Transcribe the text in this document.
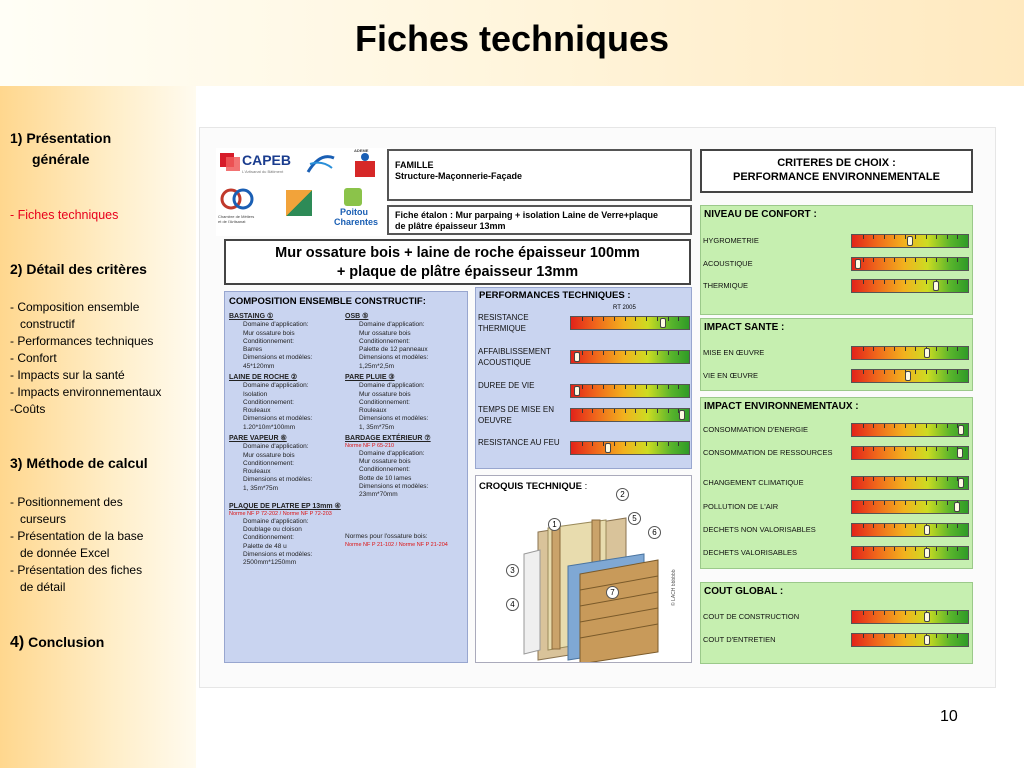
Fiches techniques
1) Présentation
générale
- Fiches techniques
2) Détail des critères
- Composition ensemble
constructif
- Performances techniques
- Confort
- Impacts sur la santé
- Impacts environnementaux
-Coûts
3) Méthode de calcul
- Positionnement des
curseurs
- Présentation de la base
de donnée Excel
- Présentation des fiches
de détail
4) Conclusion
CAPEB
L'Artisanat du Bâtiment
ADEME
Chambre de Métiers et de l'Artisanat
Poitou
Charentes
FAMILLE
Structure-Maçonnerie-Façade
Fiche étalon : Mur parpaing + isolation Laine de Verre+plaque
de plâtre épaisseur 13mm
Mur ossature bois + laine de roche épaisseur 100mm
+ plaque de plâtre épaisseur 13mm
COMPOSITION ENSEMBLE CONSTRUCTIF:
BASTAING ①
Domaine d'application:
Mur ossature bois
Conditionnement:
Barres
Dimensions et modèles:
45*120mm
OSB ⑤
Domaine d'application:
Mur ossature bois
Conditionnement:
Palette de 12 panneaux
Dimensions et modèles:
1,25m*2,5m
LAINE DE ROCHE ②
Domaine d'application:
Isolation
Conditionnement:
Rouleaux
Dimensions et modèles:
1.20*10m*100mm
PARE PLUIE ③
Domaine d'application:
Mur ossature bois
Conditionnement:
Rouleaux
Dimensions et modèles:
1, 35m*75m
PARE VAPEUR ⑥
Domaine d'application:
Mur ossature bois
Conditionnement:
Rouleaux
Dimensions et modèles:
1, 35m*75m
BARDAGE EXTÉRIEUR ⑦
Norme NF P 65-210
Domaine d'application:
Mur ossature bois
Conditionnement:
Botte de 10 lames
Dimensions et modèles:
23mm*70mm
PLAQUE DE PLATRE EP 13mm ④
Norme NF P 72-202 / Norme NF P 72-203
Domaine d'application:
Doublage ou cloison
Conditionnement:
Palette de 48 u
Dimensions et modèles:
2500mm*1250mm
Normes pour l'ossature bois:
Norme NF P 21-102 / Norme NF P 21-204
PERFORMANCES TECHNIQUES :
RT 2005
RESISTANCE THERMIQUE
AFFAIBLISSEMENT ACOUSTIQUE
DUREE DE VIE
TEMPS DE MISE EN OEUVRE
RESISTANCE AU FEU
CROQUIS TECHNIQUE :
1
2
3
4
5
6
7	© LACH bbbbbb
CRITERES DE CHOIX :
PERFORMANCE ENVIRONNEMENTALE
NIVEAU DE CONFORT :
HYGROMETRIE
ACOUSTIQUE
THERMIQUE
IMPACT SANTE :
MISE EN ŒUVRE
VIE EN ŒUVRE
IMPACT ENVIRONNEMENTAUX :
CONSOMMATION D'ENERGIE
CONSOMMATION DE RESSOURCES
CHANGEMENT CLIMATIQUE
POLLUTION DE L'AIR
DECHETS NON VALORISABLES
DECHETS VALORISABLES
COUT GLOBAL :
COUT DE CONSTRUCTION
COUT D'ENTRETIEN
10
